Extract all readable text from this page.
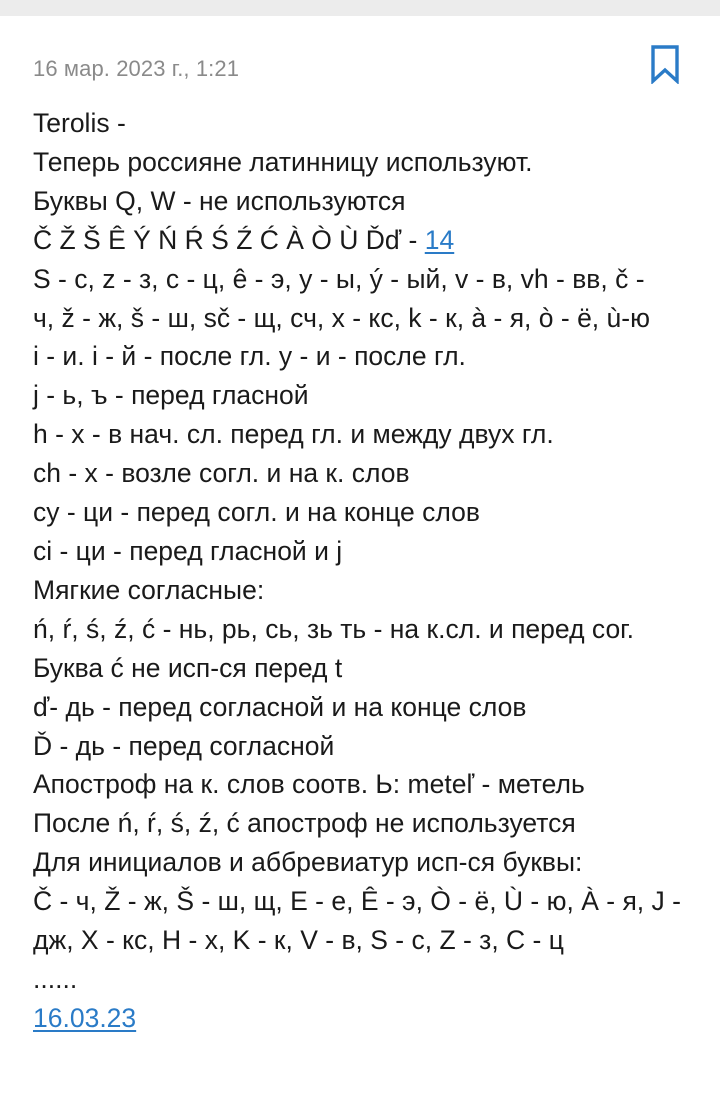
16 мар. 2023 г., 1:21
Terolis -
Теперь россияне латинницу используют.
Буквы Q, W - не используются
Č Ž Š Ê Ý Ń Ŕ Ś Ź Ć À Ò Ù Ďď - 14
S - с, z - з, c - ц, ê - э, y - ы, ý - ый, v - в, vh - вв, č -
ч, ž - ж, š - ш, sč - щ, сч, x - кс, k - к, à - я, ò - ё, ù-ю
i - и. i - й - после гл. y - и - после гл.
j - ь, ъ - перед гласной
h - х - в нач. сл. перед гл. и между двух гл.
ch - х - возле согл. и на к. слов
cy - ци - перед согл. и на конце слов
ci - ци - перед гласной и j
Мягкие согласные:
ń, ŕ, ś, ź, ć - нь, рь, сь, зь ть - на к.сл. и перед сог.
Буква ć не исп-ся перед t
ď- дь - перед согласной и на конце слов
Ď - дь - перед согласной
Апостроф на к. слов соотв. Ь: meteľ - метель
После ń, ŕ, ś, ź, ć апостроф не используется
Для инициалов и аббревиатур исп-ся буквы:
Č - ч, Ž - ж, Š - ш, щ, E - е, Ê - э, Ò - ё, Ù - ю, À - я, J -
дж, X - кс, H - х, K - к, V - в, S - с, Z - з, C - ц
......
16.03.23
